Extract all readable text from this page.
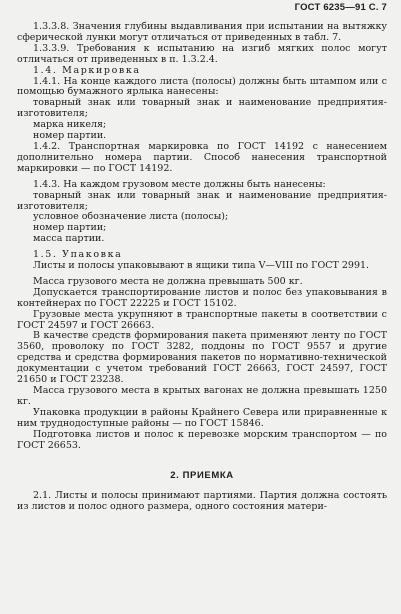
ГОСТ 6235—91 С. 7

1.3.3.8. Значения глубины выдавливания при испытании на вытяжку сферической лунки могут отличаться от приведенных в табл. 7.

1.3.3.9. Требования к испытанию на изгиб мягких полос могут отличаться от приведенных в п. 1.3.2.4.

1.4. Маркировка

1.4.1. На конце каждого листа (полосы) должны быть штампом или с помощью бумажного ярлыка нанесены:

товарный знак или товарный знак и наименование предприятия-изготовителя;

марка никеля;

номер партии.

1.4.2. Транспортная маркировка по ГОСТ 14192 с нанесением дополнительно номера партии. Способ нанесения транспортной маркировки — по ГОСТ 14192.

1.4.3. На каждом грузовом месте должны быть нанесены:

товарный знак или товарный знак и наименование предприятия-изготовителя;

условное обозначение листа (полосы);

номер партии;

масса партии.

1.5. Упаковка

Листы и полосы упаковывают в ящики типа V—VIII по ГОСТ 2991.

Масса грузового места не должна превышать 500 кг.

Допускается транспортирование листов и полос без упаковывания в контейнерах по ГОСТ 22225 и ГОСТ 15102.

Грузовые места укрупняют в транспортные пакеты в соответствии с ГОСТ 24597 и ГОСТ 26663.

В качестве средств формирования пакета применяют ленту по ГОСТ 3560, проволоку по ГОСТ 3282, поддоны по ГОСТ 9557 и другие средства и средства формирования пакетов по нормативно-технической документации с учетом требований ГОСТ 26663, ГОСТ 24597, ГОСТ 21650 и ГОСТ 23238.

Масса грузового места в крытых вагонах не должна превышать 1250 кг.

Упаковка продукции в районы Крайнего Севера или приравненные к ним труднодоступные районы — по ГОСТ 15846.

Подготовка листов и полос к перевозке морским транспортом — по ГОСТ 26653.

2. ПРИЕМКА

2.1. Листы и полосы принимают партиями. Партия должна состоять из листов и полос одного размера, одного состояния матери-
